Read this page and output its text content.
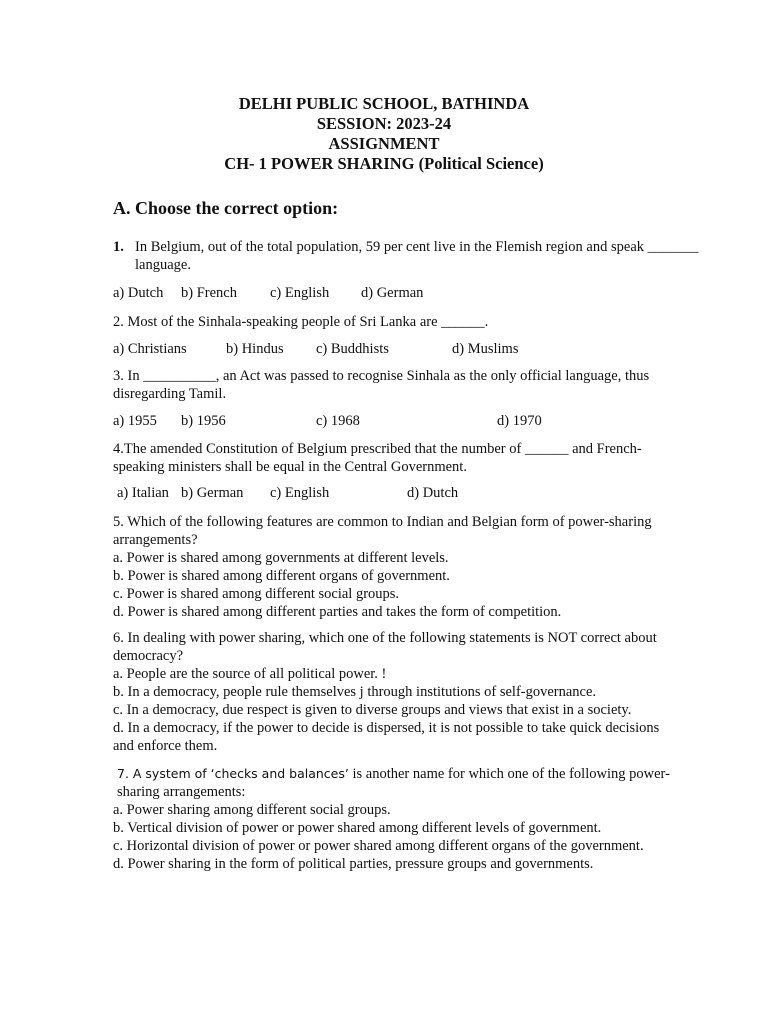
DELHI PUBLIC SCHOOL, BATHINDA
SESSION: 2023-24
ASSIGNMENT
CH- 1 POWER SHARING (Political Science)
A. Choose the correct option:
1. In Belgium, out of the total population, 59 per cent live in the Flemish region and speak _______ language.
a) Dutch b) French c) English d) German
2. Most of the Sinhala-speaking people of Sri Lanka are ______.
a) Christians	b) Hindus c) Buddhists	d) Muslims
3. In __________, an Act was passed to recognise Sinhala as the only official language, thus disregarding Tamil.
a) 1955 b) 1956	c) 1968	d) 1970
4.The amended Constitution of Belgium prescribed that the number of ______ and French-speaking ministers shall be equal in the Central Government.
a) Italian b) German c) English	d) Dutch
5. Which of the following features are common to Indian and Belgian form of power-sharing arrangements?
a. Power is shared among governments at different levels.
b. Power is shared among different organs of government.
c. Power is shared among different social groups.
d. Power is shared among different parties and takes the form of competition.
6. In dealing with power sharing, which one of the following statements is NOT correct about democracy?
a. People are the source of all political power. !
b. In a democracy, people rule themselves j through institutions of self-governance.
c. In a democracy, due respect is given to diverse groups and views that exist in a society.
d. In a democracy, if the power to decide is dispersed, it is not possible to take quick decisions and enforce them.
7. A system of ‘checks and balances’ is another name for which one of the following power-sharing arrangements:
a. Power sharing among different social groups.
b. Vertical division of power or power shared among different levels of government.
c. Horizontal division of power or power shared among different organs of the government.
d. Power sharing in the form of political parties, pressure groups and governments.
